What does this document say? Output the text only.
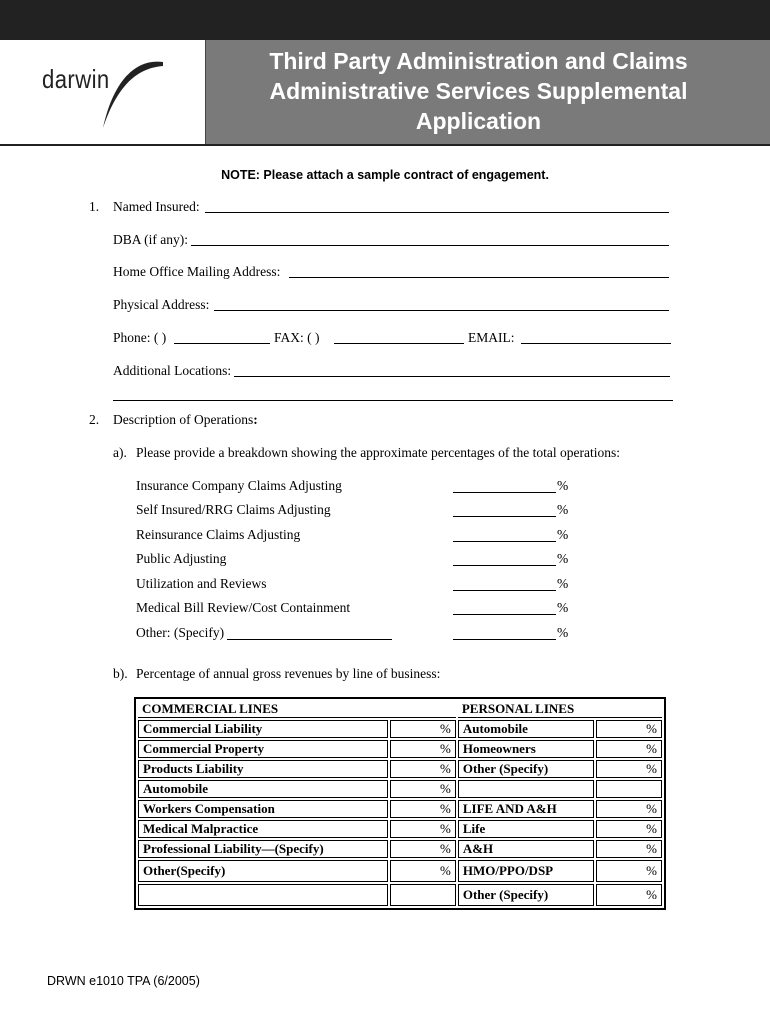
darwin
Third Party Administration and Claims
Administrative Services Supplemental
Application
NOTE: Please attach a sample contract of engagement.
1. Named Insured:
DBA (if any):
Home Office Mailing Address:
Physical Address:
Phone: ( )	FAX: ( )	EMAIL:
Additional Locations:
2. Description of Operations:
a). Please provide a breakdown showing the approximate percentages of the total operations:
Insurance Company Claims Adjusting	%
Self Insured/RRG Claims Adjusting	%
Reinsurance Claims Adjusting	%
Public Adjusting	%
Utilization and Reviews	%
Medical Bill Review/Cost Containment	%
Other: (Specify)	%
b). Percentage of annual gross revenues by line of business:
COMMERCIAL LINES		PERSONAL LINES	
Commercial Liability	%	Automobile	%
Commercial Property	%	Homeowners	%
Products Liability	%	Other (Specify)	%
Automobile	%		
Workers Compensation	%	LIFE AND A&H	%
Medical Malpractice	%	Life	%
Professional Liability—(Specify)	%	A&H	%
Other(Specify)	%	HMO/PPO/DSP	%
		Other (Specify)	%
DRWN e1010 TPA (6/2005)
